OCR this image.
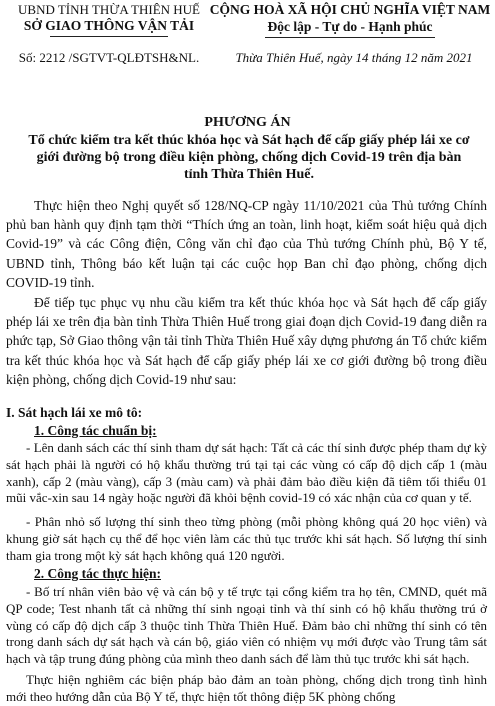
UBND TỈNH THỪA THIÊN HUẾ
SỞ GIAO THÔNG VẬN TẢI
CỘNG HOÀ XÃ HỘI CHỦ NGHĨA VIỆT NAM
Độc lập - Tự do - Hạnh phúc
Số: 2212 /SGTVT-QLĐTSH&NL.	Thừa Thiên Huế, ngày 14 tháng 12 năm 2021
PHƯƠNG ÁN
Tổ chức kiểm tra kết thúc khóa học và Sát hạch để cấp giấy phép lái xe cơ giới đường bộ trong điều kiện phòng, chống dịch Covid-19 trên địa bàn tỉnh Thừa Thiên Huế.
Thực hiện theo Nghị quyết số 128/NQ-CP ngày 11/10/2021 của Thủ tướng Chính phủ ban hành quy định tạm thời “Thích ứng an toàn, linh hoạt, kiểm soát hiệu quả dịch Covid-19” và các Công điện, Công văn chỉ đạo của Thủ tướng Chính phủ, Bộ Y tế, UBND tỉnh, Thông báo kết luận tại các cuộc họp Ban chỉ đạo phòng, chống dịch COVID-19 tỉnh.
Để tiếp tục phục vụ nhu cầu kiểm tra kết thúc khóa học và Sát hạch để cấp giấy phép lái xe trên địa bàn tỉnh Thừa Thiên Huế trong giai đoạn dịch Covid-19 đang diễn ra phức tạp, Sở Giao thông vận tải tỉnh Thừa Thiên Huế xây dựng phương án Tổ chức kiểm tra kết thúc khóa học và Sát hạch để cấp giấy phép lái xe cơ giới đường bộ trong điều kiện phòng, chống dịch Covid-19 như sau:
I. Sát hạch lái xe mô tô:
1. Công tác chuẩn bị:
- Lên danh sách các thí sinh tham dự sát hạch: Tất cả các thí sinh được phép tham dự kỳ sát hạch phải là người có hộ khẩu thường trú tại tại các vùng có cấp độ dịch cấp 1 (màu xanh), cấp 2 (màu vàng), cấp 3 (màu cam) và phải đảm bảo điều kiện đã tiêm tối thiểu 01 mũi vắc-xin sau 14 ngày hoặc người đã khỏi bệnh covid-19 có xác nhận của cơ quan y tế.
- Phân nhỏ số lượng thí sinh theo từng phòng (mỗi phòng không quá 20 học viên) và khung giờ sát hạch cụ thể để học viên làm các thủ tục trước khi sát hạch. Số lượng thí sinh tham gia trong một kỳ sát hạch không quá 120 người.
2. Công tác thực hiện:
- Bố trí nhân viên bảo vệ và cán bộ y tế trực tại cổng kiểm tra họ tên, CMND, quét mã QP code; Test nhanh tất cả những thí sinh ngoại tỉnh và thí sinh có hộ khẩu thường trú ở vùng có cấp độ dịch cấp 3 thuộc tỉnh Thừa Thiên Huế. Đảm bảo chỉ những thí sinh có tên trong danh sách dự sát hạch và cán bộ, giáo viên có nhiệm vụ mới được vào Trung tâm sát hạch và tập trung đúng phòng của mình theo danh sách để làm thủ tục trước khi sát hạch.
Thực hiện nghiêm các biện pháp bảo đảm an toàn phòng, chống dịch trong tình hình mới theo hướng dẫn của Bộ Y tế, thực hiện tốt thông điệp 5K phòng chống
